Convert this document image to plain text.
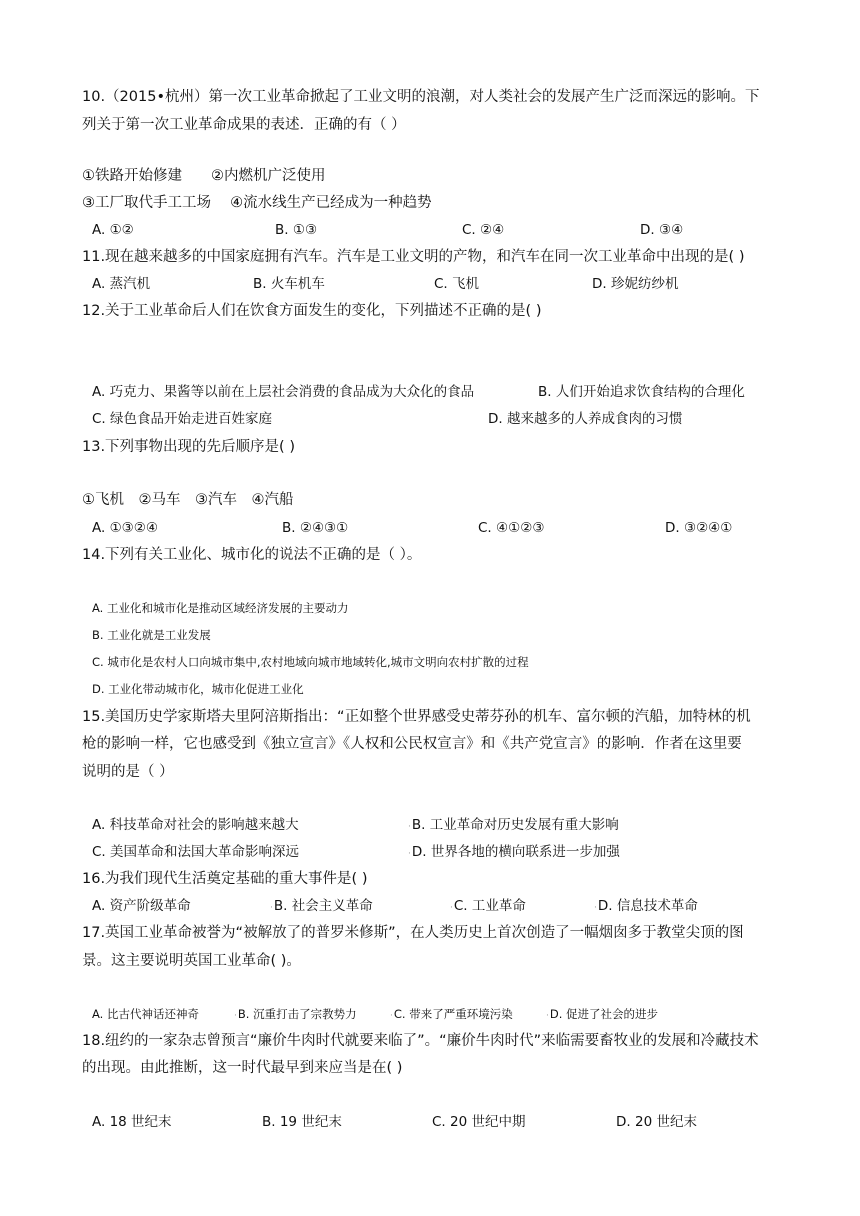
10.（2015•杭州）第一次工业革命掀起了工业文明的浪潮，对人类社会的发展产生广泛而深远的影响。下
列关于第一次工业革命成果的表述．正确的有（ ）
①铁路开始修建　　②内燃机广泛使用
③工厂取代手工工场　 ④流水线生产已经成为一种趋势
A. ①②	B. ①③	C. ②④	D. ③④
11.现在越来越多的中国家庭拥有汽车。汽车是工业文明的产物，和汽车在同一次工业革命中出现的是( )
A. 蒸汽机	B. 火车机车	C. 飞机	D. 珍妮纺纱机
12.关于工业革命后人们在饮食方面发生的变化，下列描述不正确的是( )
A. 巧克力、果酱等以前在上层社会消费的食品成为大众化的食品	B. 人们开始追求饮食结构的合理化
C. 绿色食品开始走进百姓家庭	D. 越来越多的人养成食肉的习惯
13.下列事物出现的先后顺序是( )
①飞机　②马车　③汽车　④汽船
A. ①③②④	B. ②④③①	C. ④①②③	D. ③②④①
14.下列有关工业化、城市化的说法不正确的是（ ）。
A. 工业化和城市化是推动区域经济发展的主要动力
B. 工业化就是工业发展
C. 城市化是农村人口向城市集中,农村地域向城市地域转化,城市文明向农村扩散的过程
D. 工业化带动城市化，城市化促进工业化
15.美国历史学家斯塔夫里阿涪斯指出：“正如整个世界感受史蒂芬孙的机车、富尔顿的汽船，加特林的机
枪的影响一样，它也感受到《独立宣言》《人权和公民权宣言》和《共产党宣言》的影响．作者在这里要
说明的是（ ）
A. 科技革命对社会的影响越来越大	·B. 工业革命对历史发展有重大影响
C. 美国革命和法国大革命影响深远	·D. 世界各地的横向联系进一步加强
16.为我们现代生活奠定基础的重大事件是( )
A. 资产阶级革命	·B. 社会主义革命	·C. 工业革命	·D. 信息技术革命
17.英国工业革命被誉为“被解放了的普罗米修斯”，在人类历史上首次创造了一幅烟囱多于教堂尖顶的图
景。这主要说明英国工业革命( )。
A. 比古代神话还神奇	·B. 沉重打击了宗教势力	·C. 带来了严重环境污染	·D. 促进了社会的进步
18.纽约的一家杂志曾预言“廉价牛肉时代就要来临了”。“廉价牛肉时代”来临需要畜牧业的发展和冷藏技术
的出现。由此推断，这一时代最早到来应当是在( )
A. 18 世纪末	B. 19 世纪末	C. 20 世纪中期	D. 20 世纪末
